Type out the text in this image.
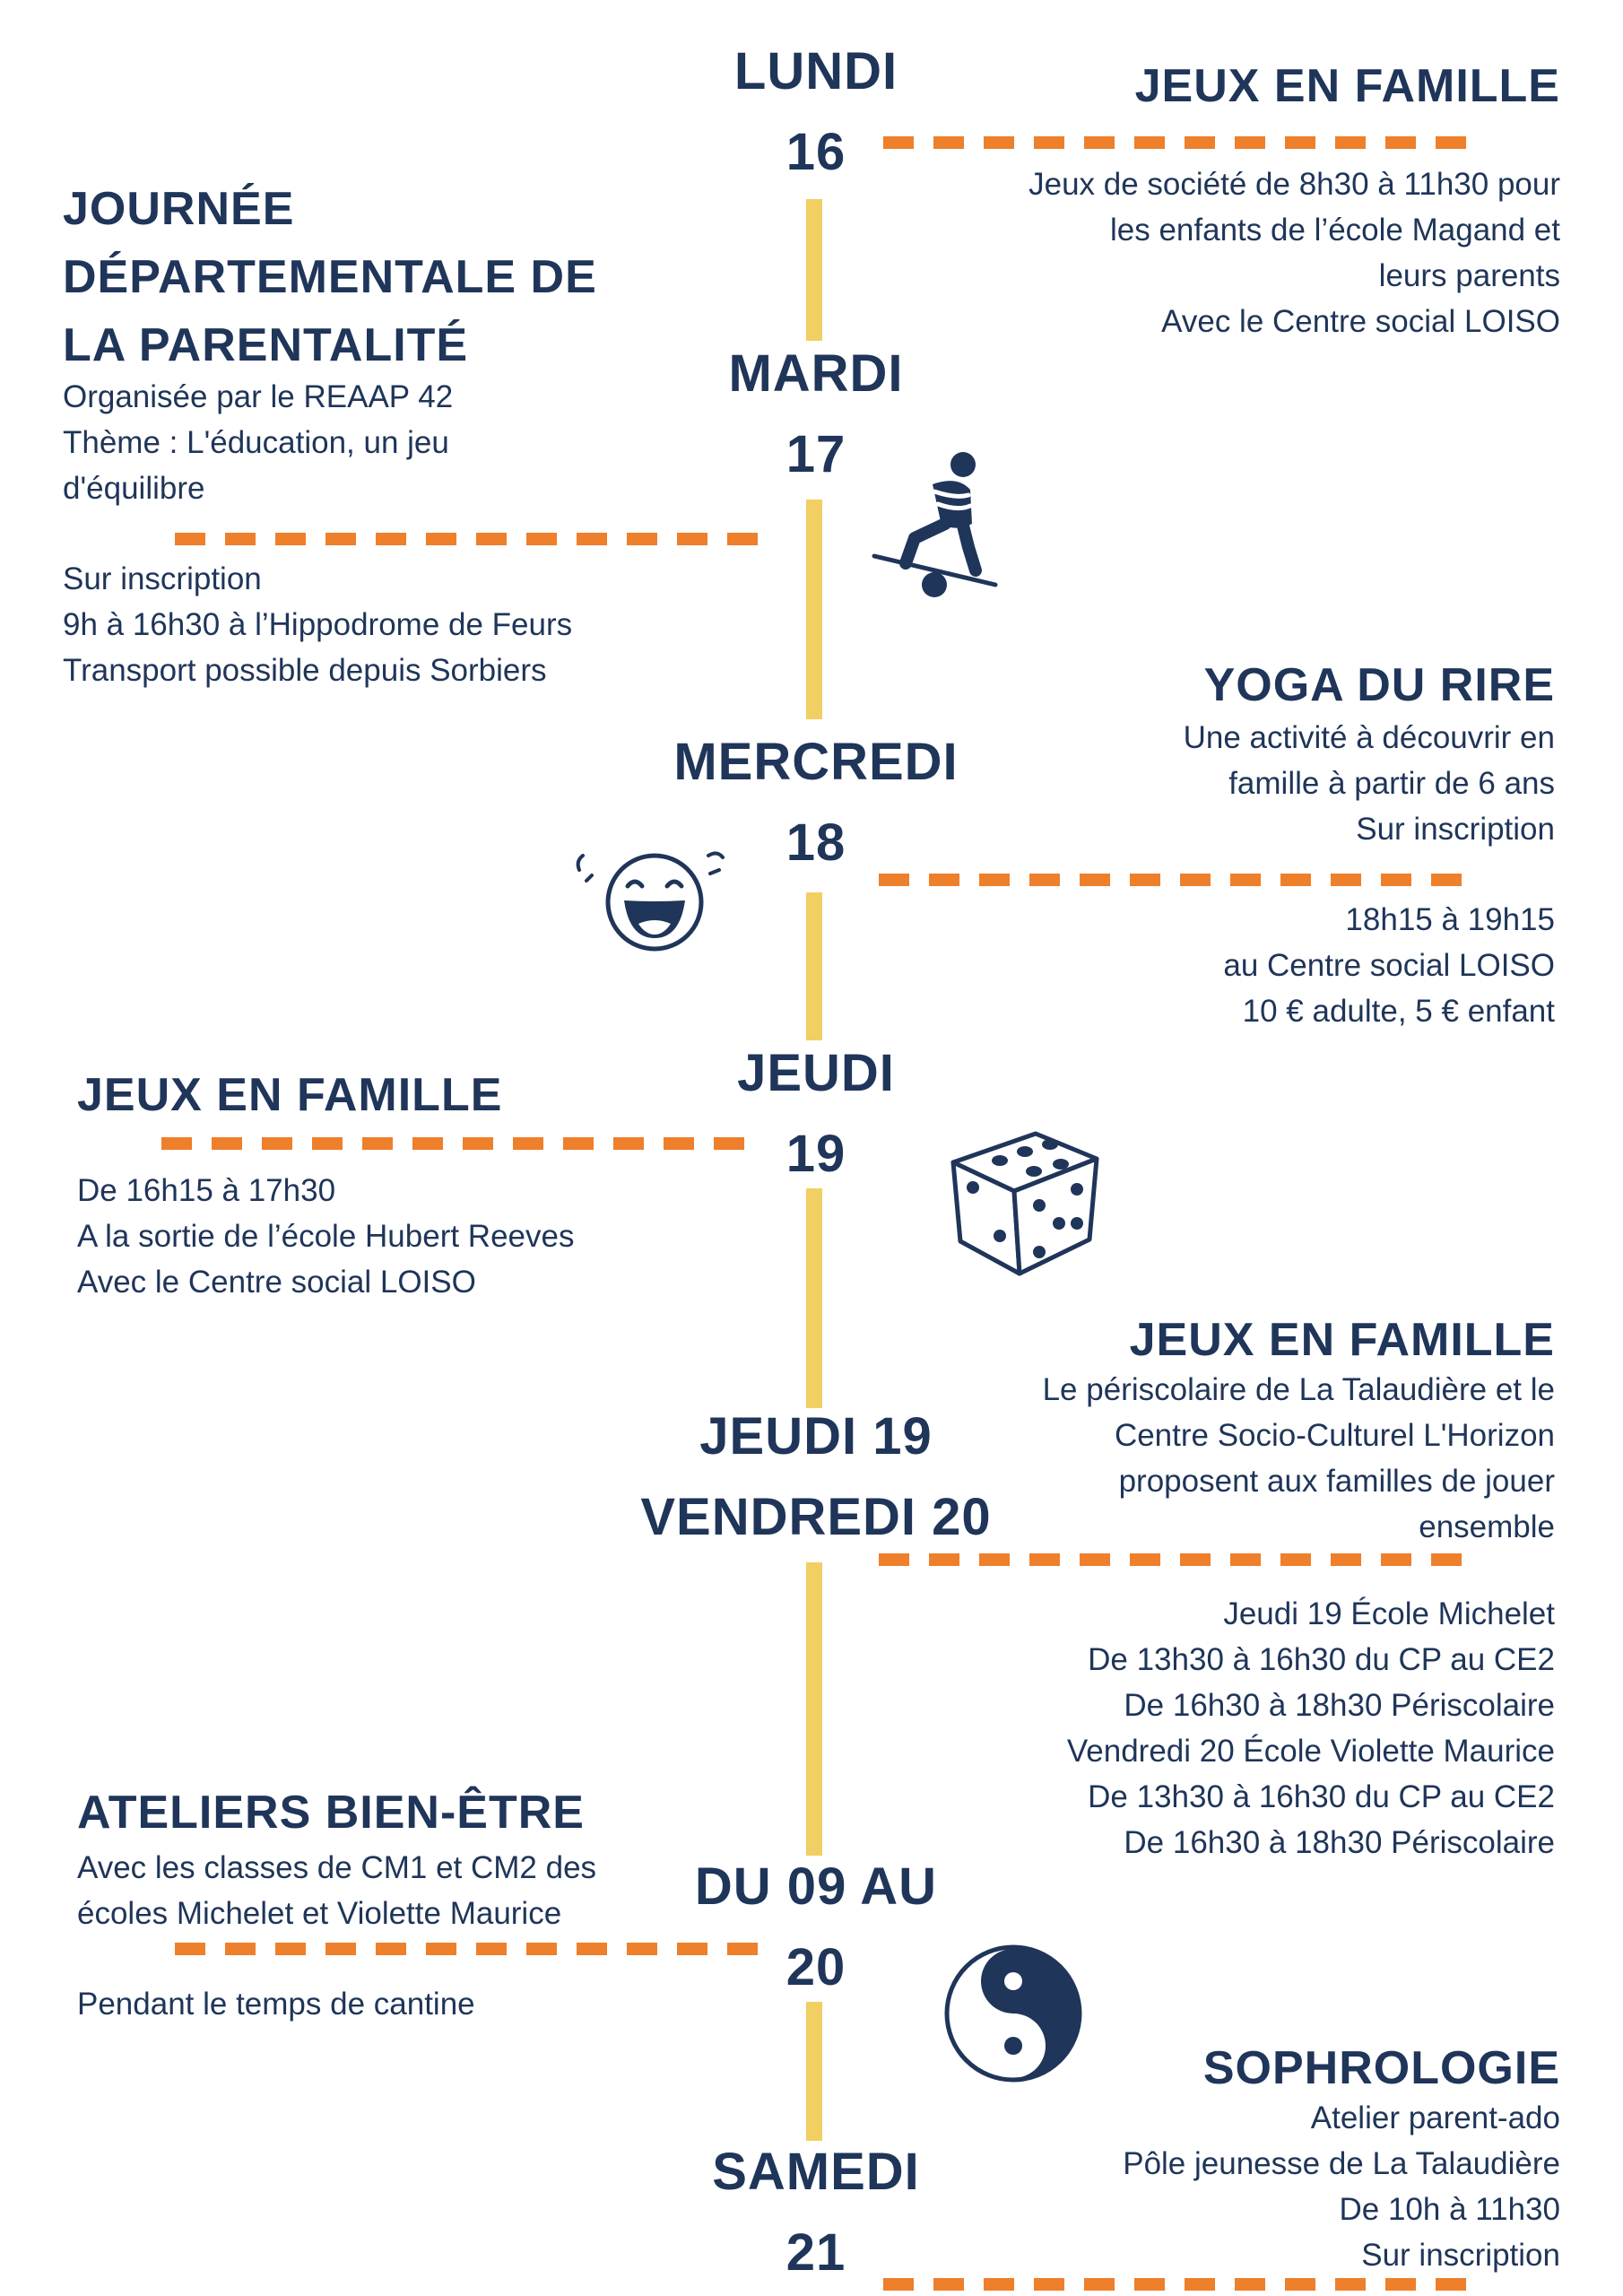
LUNDI
16
MARDI
17
MERCREDI
18
JEUDI
19
JEUDI 19
VENDREDI 20
DU 09 AU
20
SAMEDI
21
JEUX EN FAMILLE
Jeux de société de 8h30 à 11h30 pour
les enfants de l’école Magand et
leurs parents
Avec le Centre social LOISO
JOURNÉE
DÉPARTEMENTALE DE
LA PARENTALITÉ
Organisée par le REAAP 42
Thème : L'éducation, un jeu
d'équilibre
Sur inscription
9h à 16h30 à l’Hippodrome de Feurs
Transport possible depuis Sorbiers	YOGA DU RIRE
Une activité à découvrir en
famille à partir de 6 ans
Sur inscription
18h15 à 19h15
au Centre social LOISO
10 € adulte, 5 € enfant
JEUX EN FAMILLE
De 16h15 à 17h30
A la sortie de l’école Hubert Reeves
Avec le Centre social LOISO
JEUX EN FAMILLE
Le périscolaire de La Talaudière et le
Centre Socio-Culturel L'Horizon
proposent aux familles de jouer
ensemble
Jeudi 19 École Michelet
De 13h30 à 16h30 du CP au CE2
De 16h30 à 18h30 Périscolaire
Vendredi 20 École Violette Maurice
De 13h30 à 16h30 du CP au CE2
De 16h30 à 18h30 Périscolaire
ATELIERS BIEN-ÊTRE
Avec les classes de CM1 et CM2 des
écoles Michelet et Violette Maurice
Pendant le temps de cantine
SOPHROLOGIE
Atelier parent-ado
Pôle jeunesse de La Talaudière
De 10h à 11h30
Sur inscription
